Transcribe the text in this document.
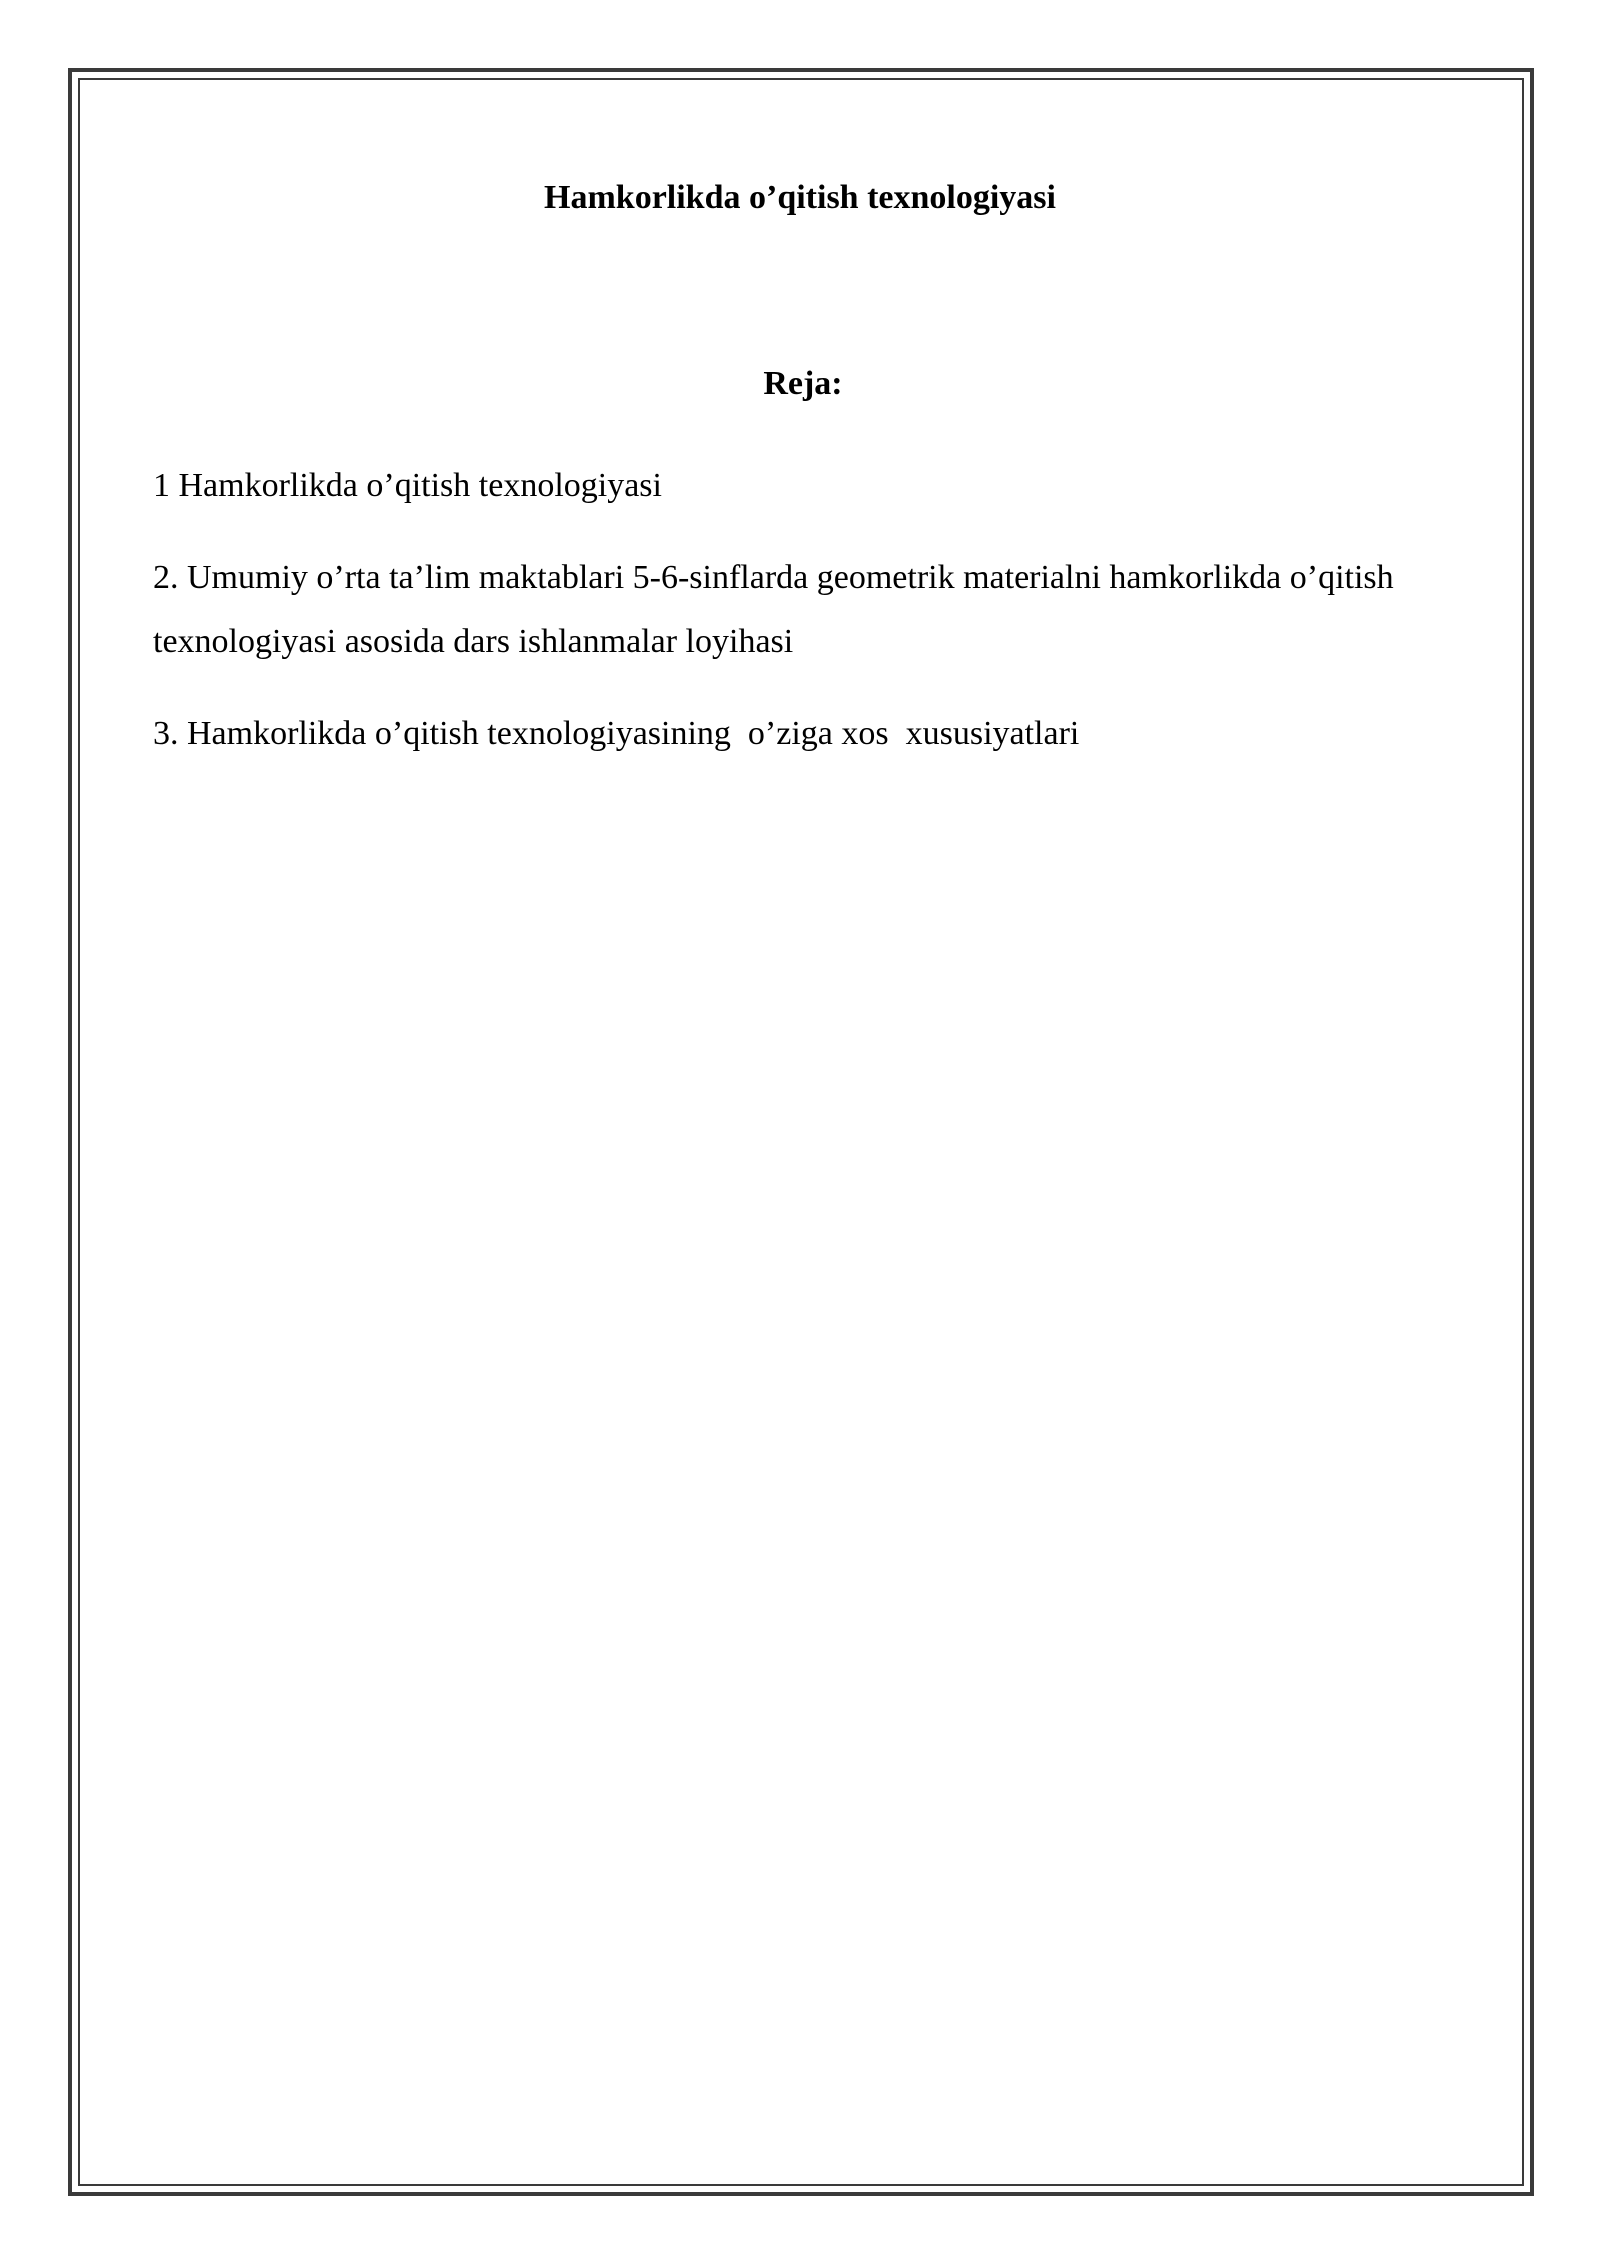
Hamkorlikda o’qitish texnologiyasi
Reja:
1 Hamkorlikda o’qitish texnologiyasi
2. Umumiy o’rta ta’lim maktablari 5-6-sinflarda geometrik materialni hamkorlikda o’qitish texnologiyasi asosida dars ishlanmalar loyihasi
3. Hamkorlikda o’qitish texnologiyasining  o’ziga xos  xususiyatlari
